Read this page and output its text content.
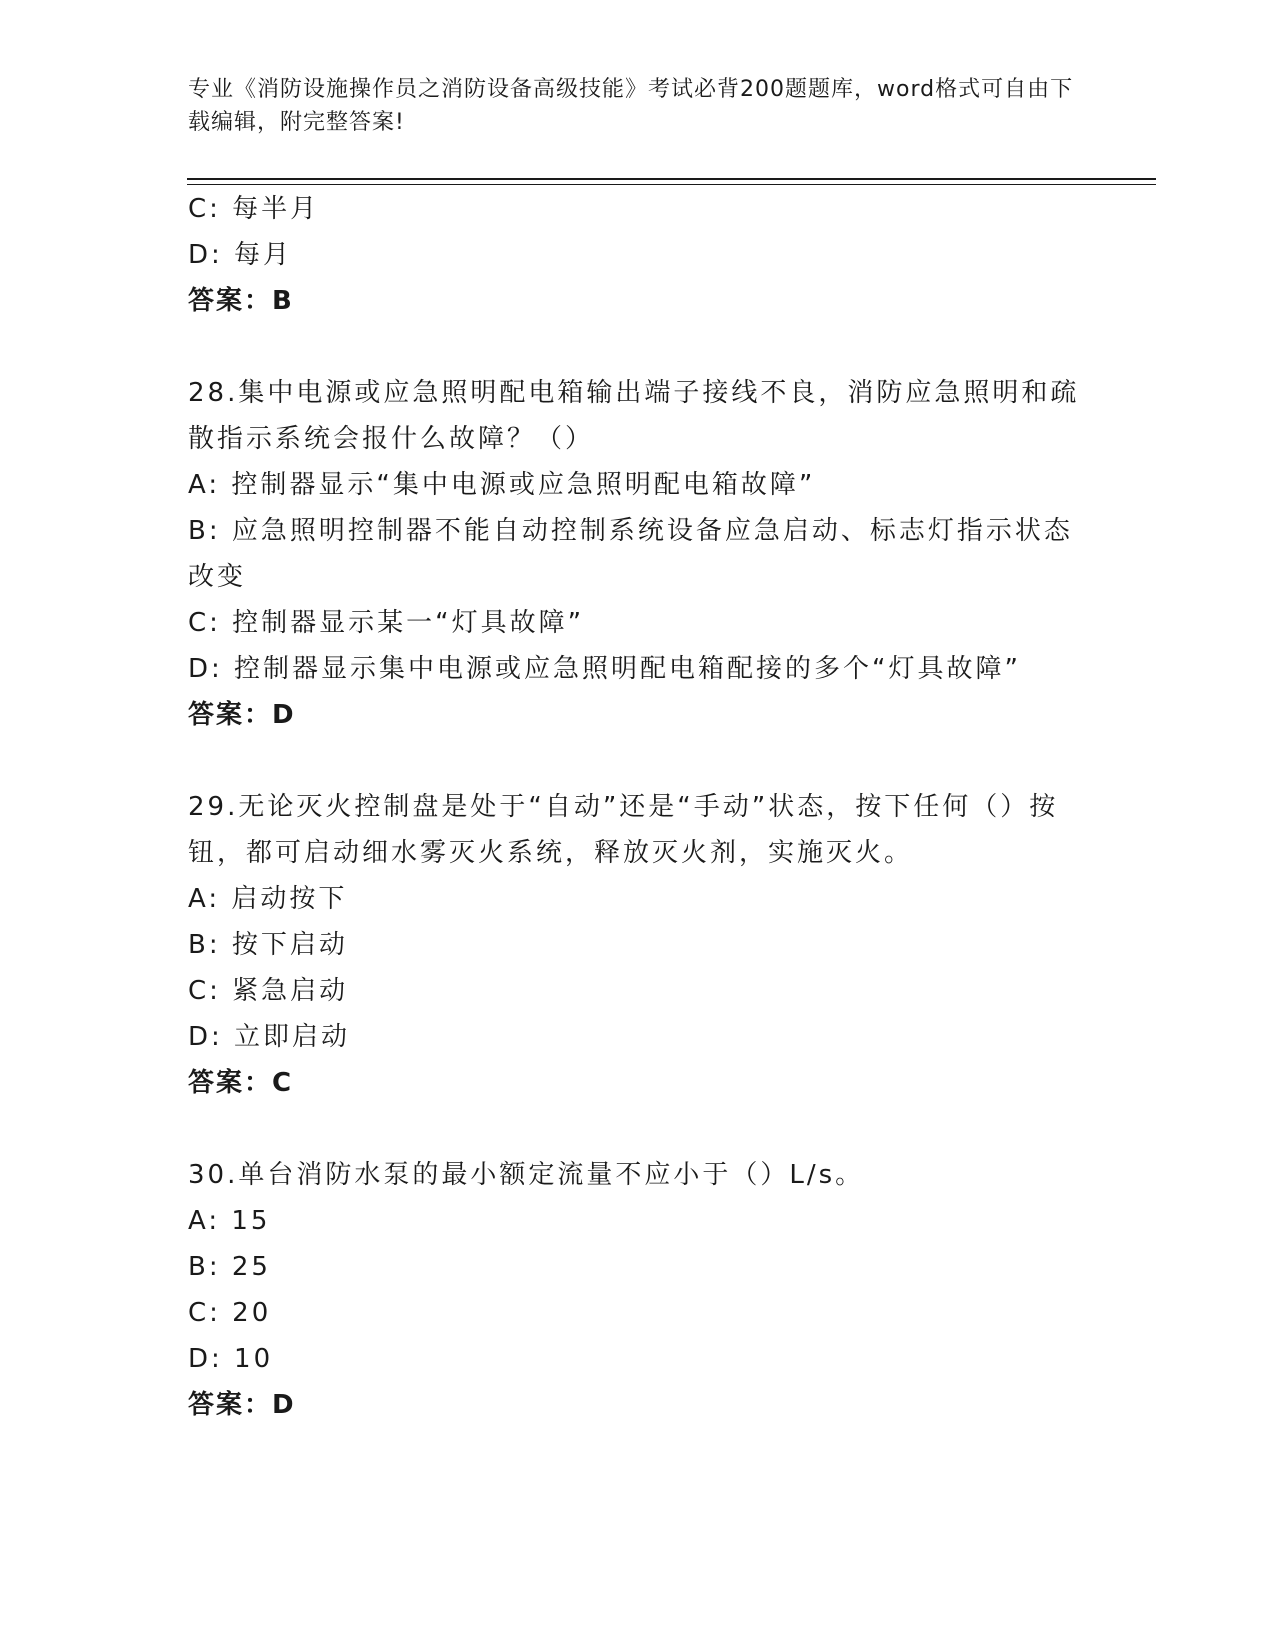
专业《消防设施操作员之消防设备高级技能》考试必背200题题库，word格式可自由下载编辑，附完整答案!
C: 每半月
D: 每月
答案：B
28.集中电源或应急照明配电箱输出端子接线不良，消防应急照明和疏散指示系统会报什么故障？（）
A: 控制器显示“集中电源或应急照明配电箱故障”
B: 应急照明控制器不能自动控制系统设备应急启动、标志灯指示状态改变
C: 控制器显示某一“灯具故障”
D: 控制器显示集中电源或应急照明配电箱配接的多个“灯具故障”
答案：D
29.无论灭火控制盘是处于“自动”还是“手动”状态，按下任何（）按钮，都可启动细水雾灭火系统，释放灭火剂，实施灭火。
A: 启动按下
B: 按下启动
C: 紧急启动
D: 立即启动
答案：C
30.单台消防水泵的最小额定流量不应小于（）L/s。
A: 15
B: 25
C: 20
D: 10
答案：D
